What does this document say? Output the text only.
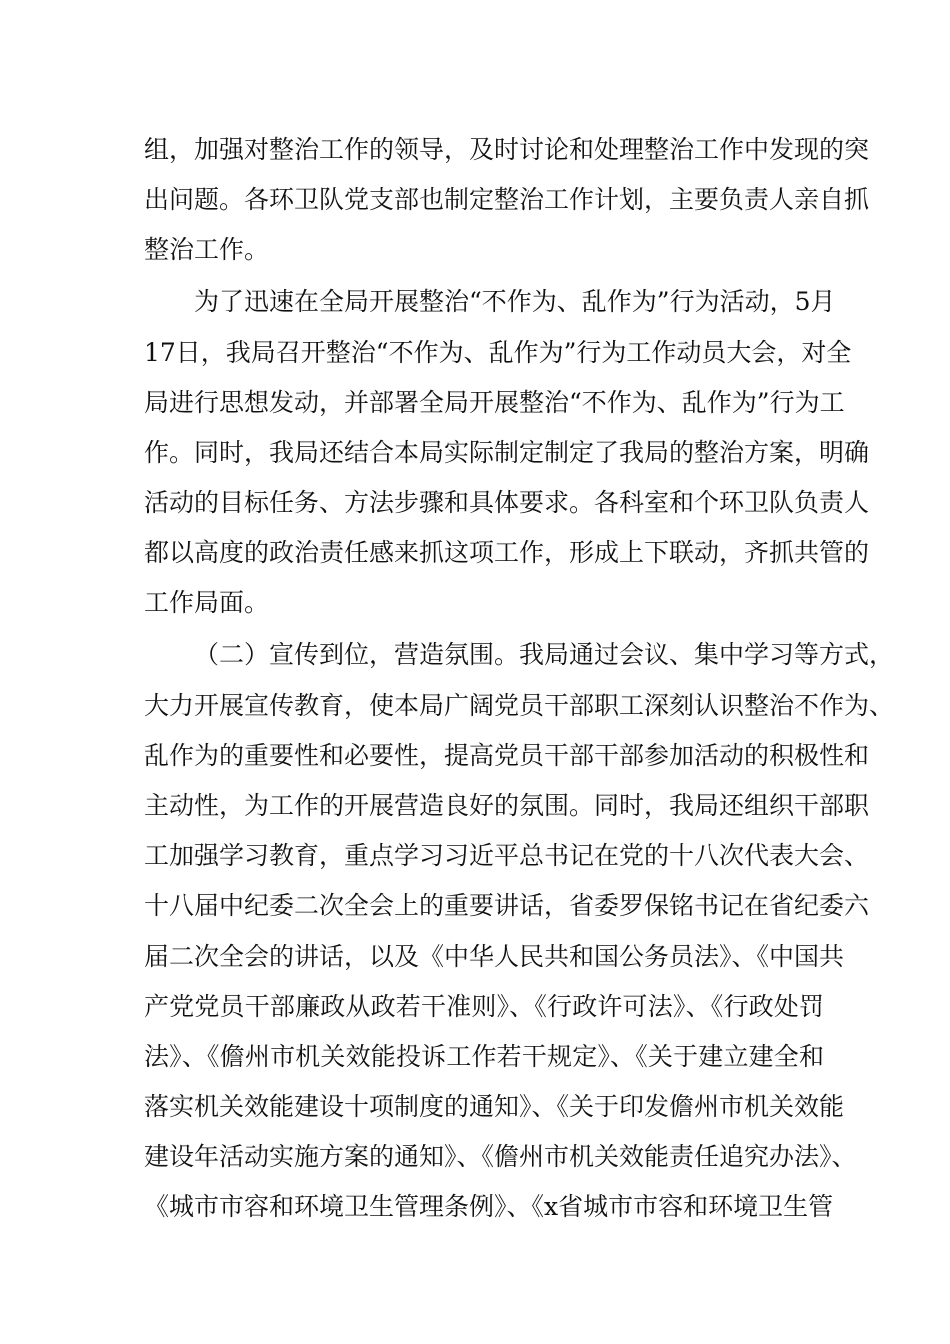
组，加强对整治工作的领导，及时讨论和处理整治工作中发现的突
出问题。各环卫队党支部也制定整治工作计划，主要负责人亲自抓
整治工作。
为了迅速在全局开展整治“不作为、乱作为”行为活动，5月
17日，我局召开整治“不作为、乱作为”行为工作动员大会，对全
局进行思想发动，并部署全局开展整治“不作为、乱作为”行为工
作。同时，我局还结合本局实际制定制定了我局的整治方案，明确
活动的目标任务、方法步骤和具体要求。各科室和个环卫队负责人
都以高度的政治责任感来抓这项工作，形成上下联动，齐抓共管的
工作局面。
（二）宣传到位，营造氛围。我局通过会议、集中学习等方式，
大力开展宣传教育，使本局广阔党员干部职工深刻认识整治不作为、
乱作为的重要性和必要性，提高党员干部干部参加活动的积极性和
主动性，为工作的开展营造良好的氛围。同时，我局还组织干部职
工加强学习教育，重点学习习近平总书记在党的十八次代表大会、
十八届中纪委二次全会上的重要讲话，省委罗保铭书记在省纪委六
届二次全会的讲话，以及《中华人民共和国公务员法》、《中国共
产党党员干部廉政从政若干准则》、《行政许可法》、《行政处罚
法》、《儋州市机关效能投诉工作若干规定》、《关于建立建全和
落实机关效能建设十项制度的通知》、《关于印发儋州市机关效能
建设年活动实施方案的通知》、《儋州市机关效能责任追究办法》、
《城市市容和环境卫生管理条例》、《x省城市市容和环境卫生管
